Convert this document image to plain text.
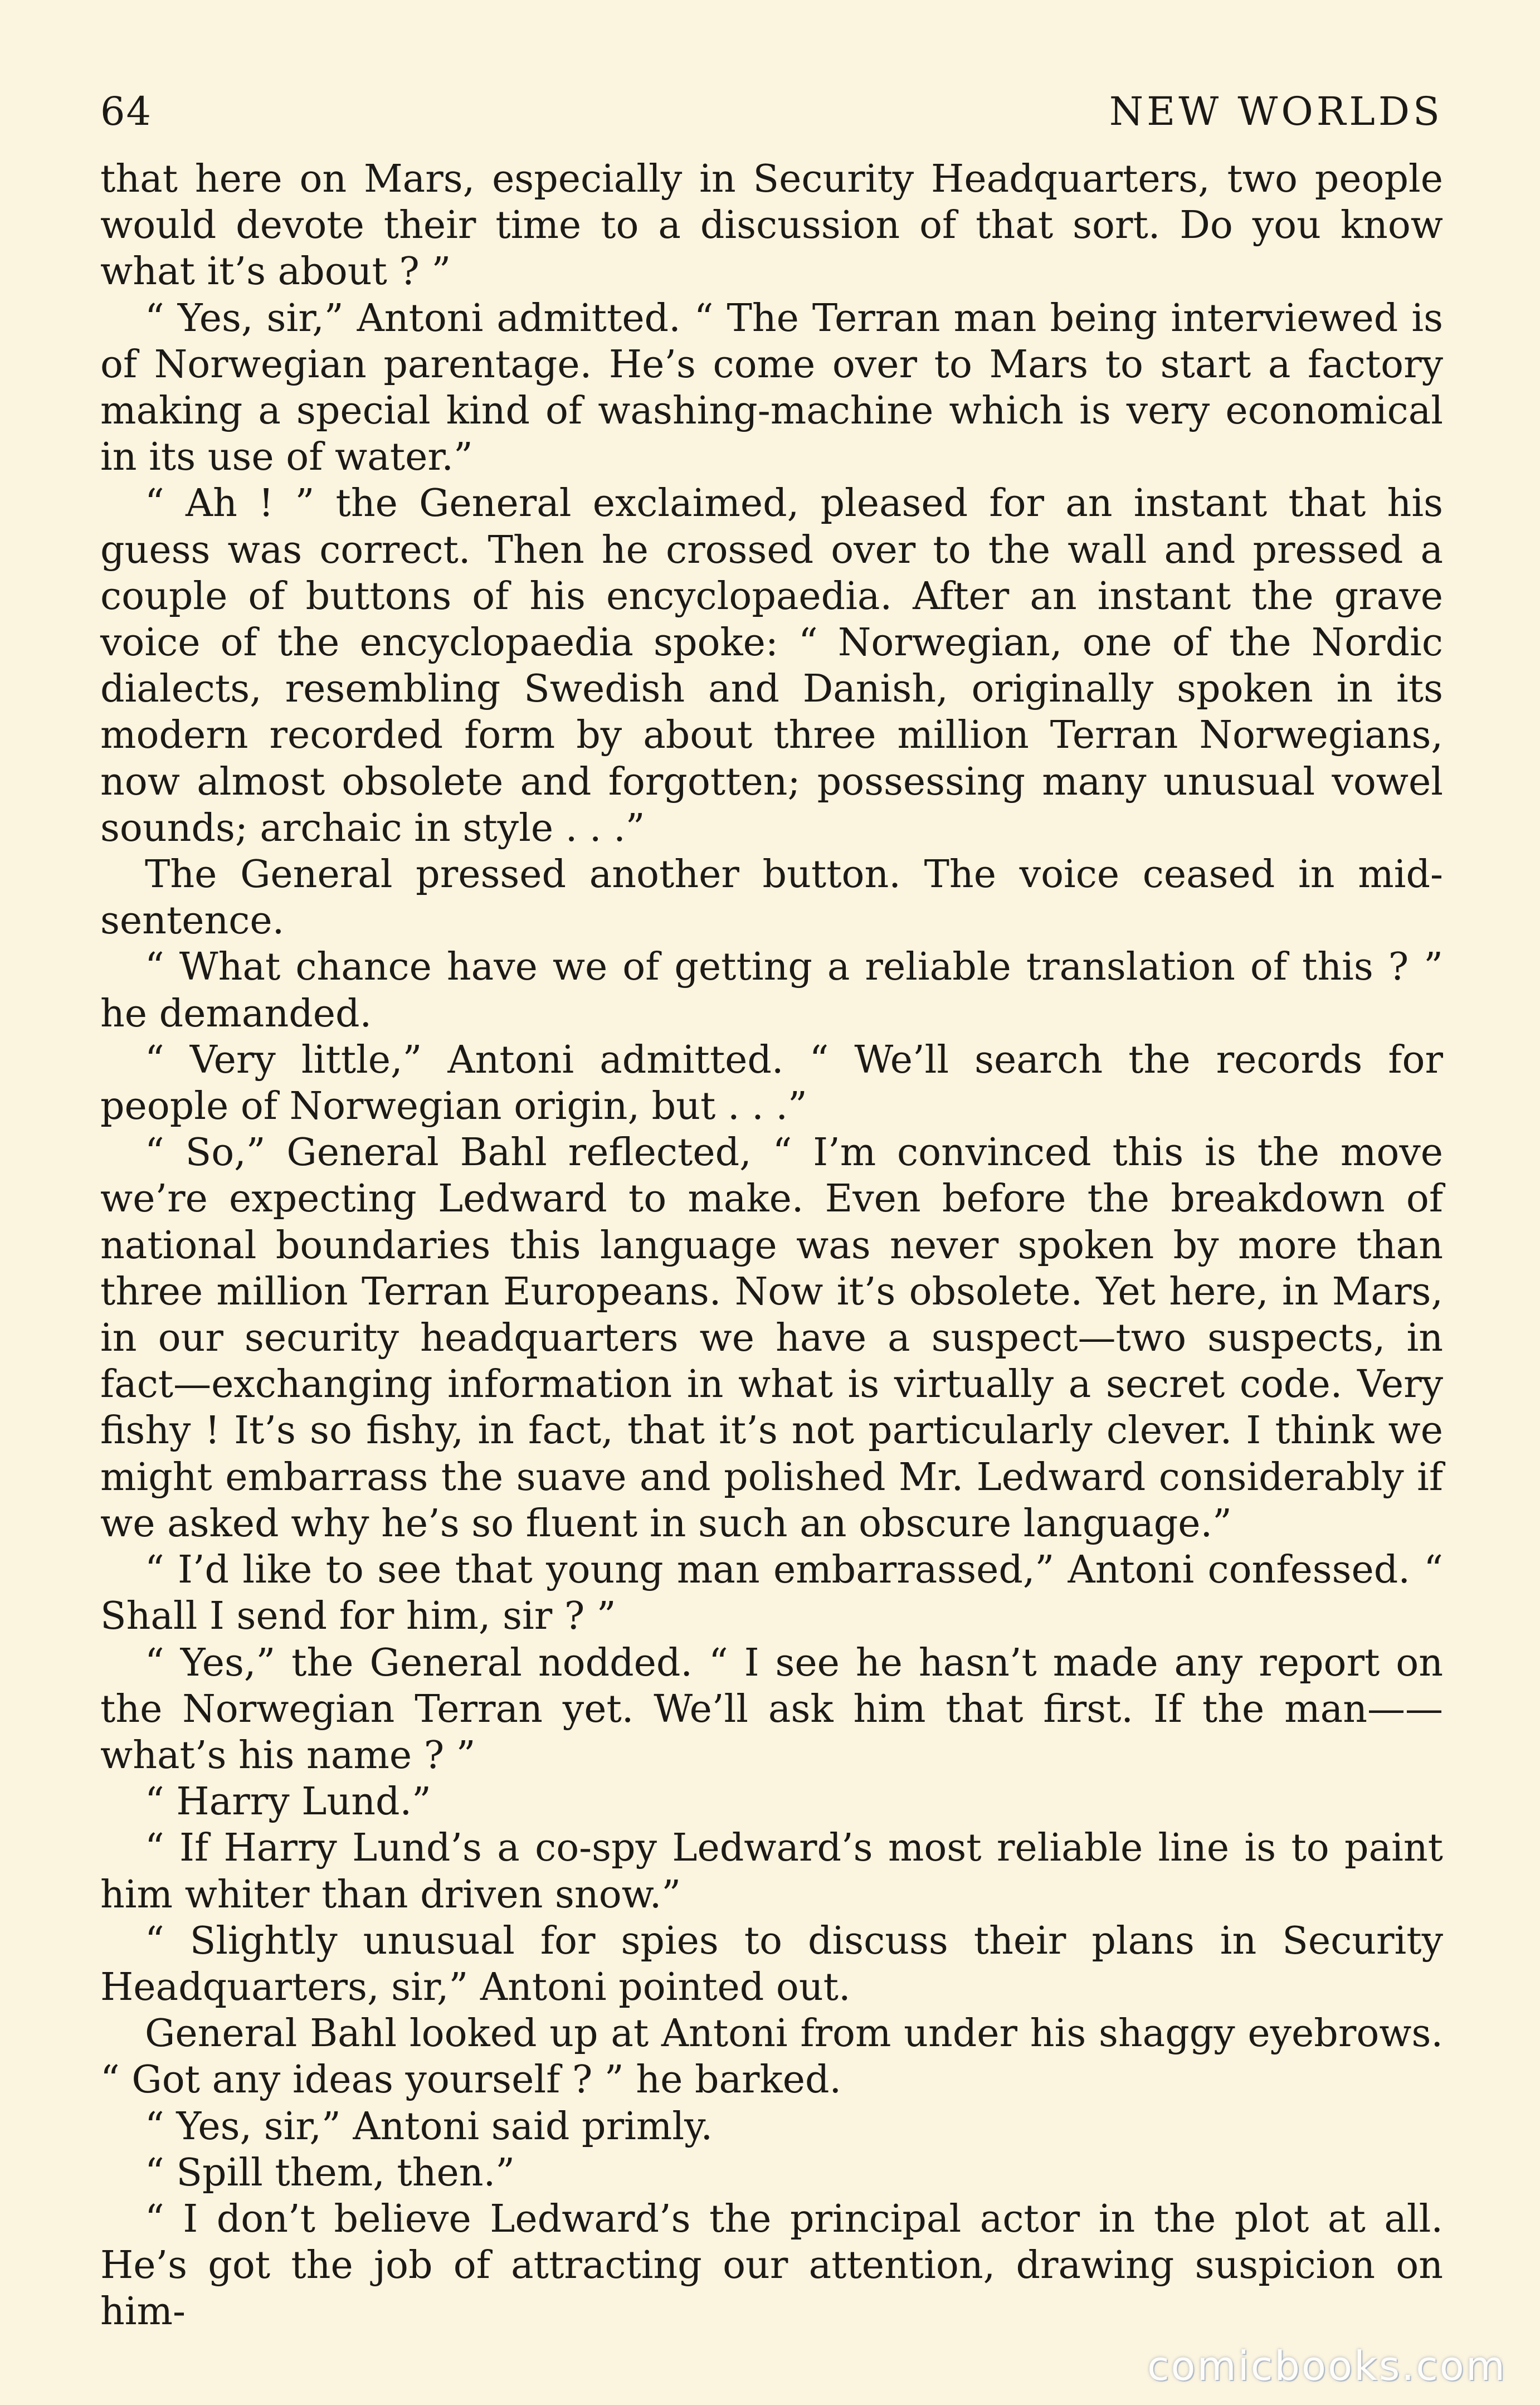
64	NEW WORLDS

that here on Mars, especially in Security Headquarters, two people would devote their time to a discussion of that sort. Do you know what it’s about ? ”

“ Yes, sir,” Antoni admitted. “ The Terran man being interviewed is of Norwegian parentage. He’s come over to Mars to start a factory making a special kind of washing-machine which is very economical in its use of water.”

“ Ah ! ” the General exclaimed, pleased for an instant that his guess was correct. Then he crossed over to the wall and pressed a couple of buttons of his encyclopaedia. After an instant the grave voice of the encyclopaedia spoke: “ Norwegian, one of the Nordic dialects, resembling Swedish and Danish, originally spoken in its modern recorded form by about three million Terran Norwegians, now almost obsolete and forgotten; possessing many unusual vowel sounds; archaic in style . . .”

The General pressed another button. The voice ceased in mid-sentence.

“ What chance have we of getting a reliable translation of this ? ” he demanded.

“ Very little,” Antoni admitted. “ We’ll search the records for people of Norwegian origin, but . . .”

“ So,” General Bahl reflected, “ I’m convinced this is the move we’re expecting Ledward to make. Even before the breakdown of national boundaries this language was never spoken by more than three million Terran Europeans. Now it’s obsolete. Yet here, in Mars, in our security headquarters we have a suspect—two suspects, in fact—exchanging information in what is virtually a secret code. Very fishy ! It’s so fishy, in fact, that it’s not particularly clever. I think we might embarrass the suave and polished Mr. Ledward considerably if we asked why he’s so fluent in such an obscure language.”

“ I’d like to see that young man embarrassed,” Antoni confessed. “ Shall I send for him, sir ? ”

“ Yes,” the General nodded. “ I see he hasn’t made any report on the Norwegian Terran yet. We’ll ask him that first. If the man—— what’s his name ? ”

“ Harry Lund.”

“ If Harry Lund’s a co-spy Ledward’s most reliable line is to paint him whiter than driven snow.”

“ Slightly unusual for spies to discuss their plans in Security Headquarters, sir,” Antoni pointed out.

General Bahl looked up at Antoni from under his shaggy eyebrows. “ Got any ideas yourself ? ” he barked.

“ Yes, sir,” Antoni said primly.

“ Spill them, then.”

“ I don’t believe Ledward’s the principal actor in the plot at all. He’s got the job of attracting our attention, drawing suspicion on him-

comicbooks.com
